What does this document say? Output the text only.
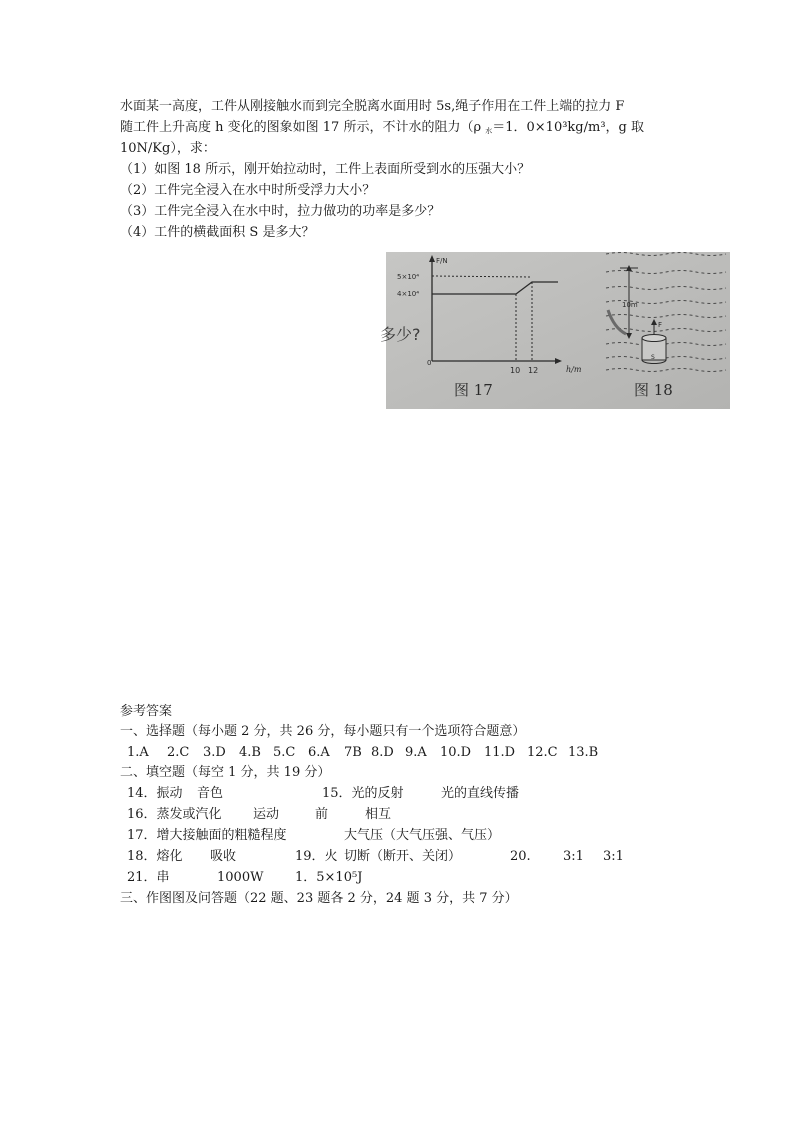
水面某一高度，工件从刚接触水而到完全脱离水面用时 5s,绳子作用在工件上端的拉力 F
随工件上升高度 h 变化的图象如图 17 所示，不计水的阻力（ρ $_水$＝1．0×10³kg/m³，g 取
10N/Kg），求：
（1）如图 18 所示，刚开始拉动时，工件上表面所受到水的压强大小？
（2）工件完全浸入在水中时所受浮力大小？
（3）工件完全浸入在水中时，拉力做功的功率是多少？
（4）工件的横截面积 S 是多大？
F/N
5×10⁴
4×10⁴
0
10 12	h/m
多少?
图 17
10m
F
S
图 18
参考答案
一、选择题（每小题 2 分，共 26 分，每小题只有一个选项符合题意）
1.A 2.C 3.D 4.B 5.C 6.A 7B 8.D 9.A 10.D 11.D 12.C 13.B
二、填空题（每空 1 分，共 19 分）
14．振动 音色	15．光的反射	光的直线传播
16．蒸发或汽化 运动	前	相互
17．增大接触面的粗糙程度	大气压（大气压强、气压）
18．熔化 吸收	19．火 切断（断开、关闭）	20. 3:1 3:1
21．串	1000W 1．5×10⁵J
三、作图图及问答题（22 题、23 题各 2 分，24 题 3 分，共 7 分）
